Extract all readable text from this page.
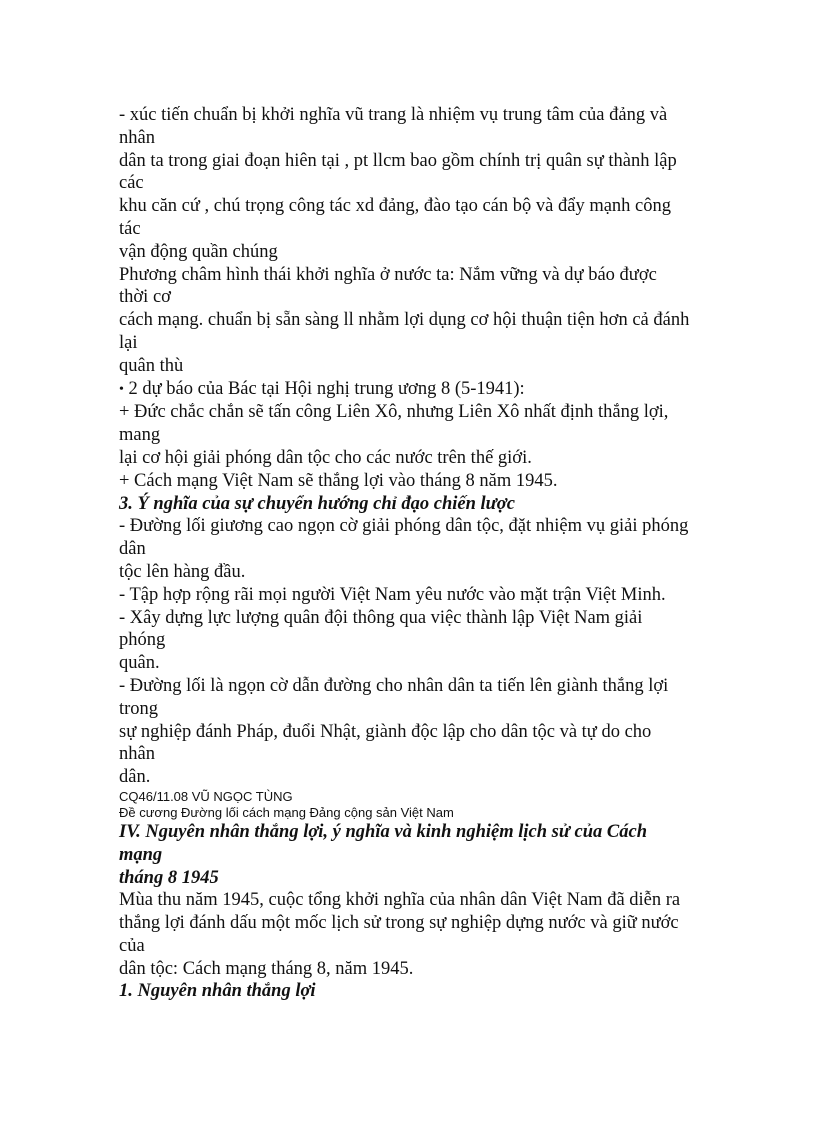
- xúc tiến chuẩn bị khởi nghĩa vũ trang là nhiệm vụ trung tâm của đảng và
nhân
dân ta trong giai đoạn hiên tại , pt llcm bao gồm chính trị quân sự thành lập
các
khu căn cứ , chú trọng công tác xd đảng, đào tạo cán bộ và đẩy mạnh công
tác
vận động quần chúng
Phương châm hình thái khởi nghĩa ở nước ta: Nắm vững và dự báo được
thời cơ
cách mạng. chuẩn bị sẵn sàng ll nhằm lợi dụng cơ hội thuận tiện hơn cả đánh
lại
quân thù
• 2 dự báo của Bác tại Hội nghị trung ương 8 (5-1941):
+ Đức chắc chắn sẽ tấn công Liên Xô, nhưng Liên Xô nhất định thắng lợi,
mang
lại cơ hội giải phóng dân tộc cho các nước trên thế giới.
+ Cách mạng Việt Nam sẽ thắng lợi vào tháng 8 năm 1945.
3. Ý nghĩa của sự chuyển hướng chỉ đạo chiến lược
- Đường lối giương cao ngọn cờ giải phóng dân tộc, đặt nhiệm vụ giải phóng
dân
tộc lên hàng đầu.
- Tập hợp rộng rãi mọi người Việt Nam yêu nước vào mặt trận Việt Minh.
- Xây dựng lực lượng quân đội thông qua việc thành lập Việt Nam giải
phóng
quân.
- Đường lối là ngọn cờ dẫn đường cho nhân dân ta tiến lên giành thắng lợi
trong
sự nghiệp đánh Pháp, đuổi Nhật, giành độc lập cho dân tộc và tự do cho
nhân
dân.
CQ46/11.08 VŨ NGỌC TÙNG
Đề cương Đường lối cách mạng Đảng cộng sản Việt Nam
IV. Nguyên nhân thắng lợi, ý nghĩa và kinh nghiệm lịch sử của Cách
mạng
tháng 8 1945
Mùa thu năm 1945, cuộc tổng khởi nghĩa của nhân dân Việt Nam đã diễn ra
thắng lợi đánh dấu một mốc lịch sử trong sự nghiệp dựng nước và giữ nước
của
dân tộc: Cách mạng tháng 8, năm 1945.
1. Nguyên nhân thắng lợi
